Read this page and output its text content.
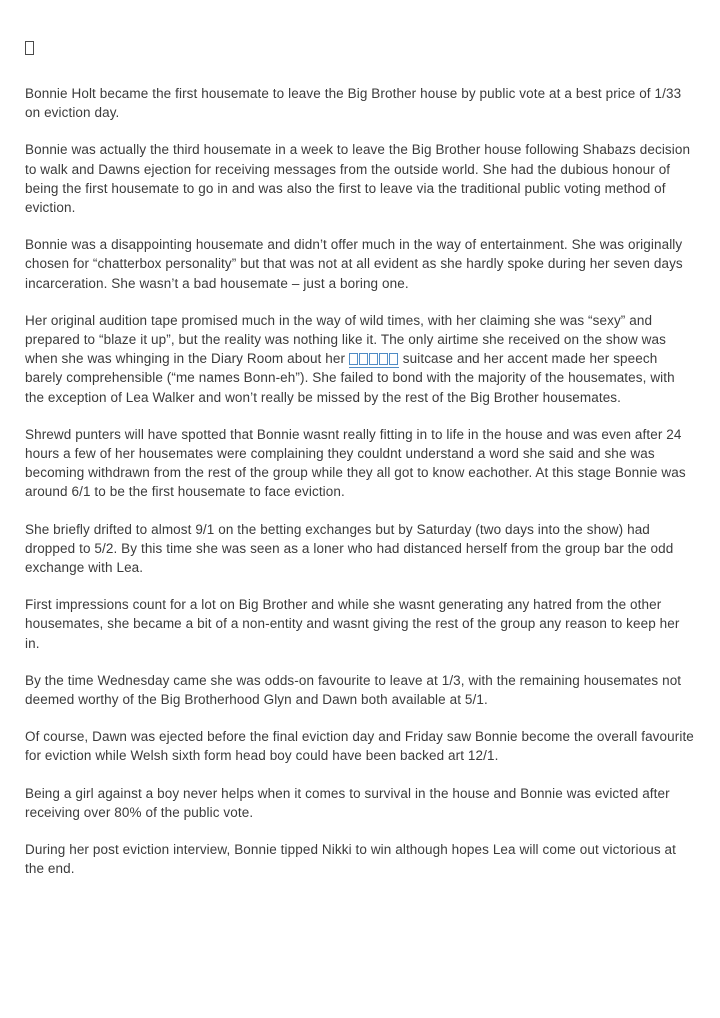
Bonnie Holt became the first housemate to leave the Big Brother house by public vote at a best price of 1/33 on eviction day.

Bonnie was actually the third housemate in a week to leave the Big Brother house following Shabazs decision to walk and Dawns ejection for receiving messages from the outside world. She had the dubious honour of being the first housemate to go in and was also the first to leave via the traditional public voting method of eviction.

Bonnie was a disappointing housemate and didn’t offer much in the way of entertainment. She was originally chosen for “chatterbox personality” but that was not at all evident as she hardly spoke during her seven days incarceration. She wasn’t a bad housemate – just a boring one.

Her original audition tape promised much in the way of wild times, with her claiming she was “sexy” and prepared to “blaze it up”, but the reality was nothing like it. The only airtime she received on the show was when she was whinging in the Diary Room about her	suitcase and her accent made her speech barely comprehensible (“me names Bonn-eh”). She failed to bond with the majority of the housemates, with the exception of Lea Walker and won’t really be missed by the rest of the Big Brother housemates.

Shrewd punters will have spotted that Bonnie wasnt really fitting in to life in the house and was even after 24 hours a few of her housemates were complaining they couldnt understand a word she said and she was becoming withdrawn from the rest of the group while they all got to know eachother. At this stage Bonnie was around 6/1 to be the first housemate to face eviction.

She briefly drifted to almost 9/1 on the betting exchanges but by Saturday (two days into the show) had dropped to 5/2. By this time she was seen as a loner who had distanced herself from the group bar the odd exchange with Lea.

First impressions count for a lot on Big Brother and while she wasnt generating any hatred from the other housemates, she became a bit of a non-entity and wasnt giving the rest of the group any reason to keep her in.

By the time Wednesday came she was odds-on favourite to leave at 1/3, with the remaining housemates not deemed worthy of the Big Brotherhood Glyn and Dawn both available at 5/1.

Of course, Dawn was ejected before the final eviction day and Friday saw Bonnie become the overall favourite for eviction while Welsh sixth form head boy could have been backed art 12/1.

Being a girl against a boy never helps when it comes to survival in the house and Bonnie was evicted after receiving over 80% of the public vote.

During her post eviction interview, Bonnie tipped Nikki to win although hopes Lea will come out victorious at the end.
